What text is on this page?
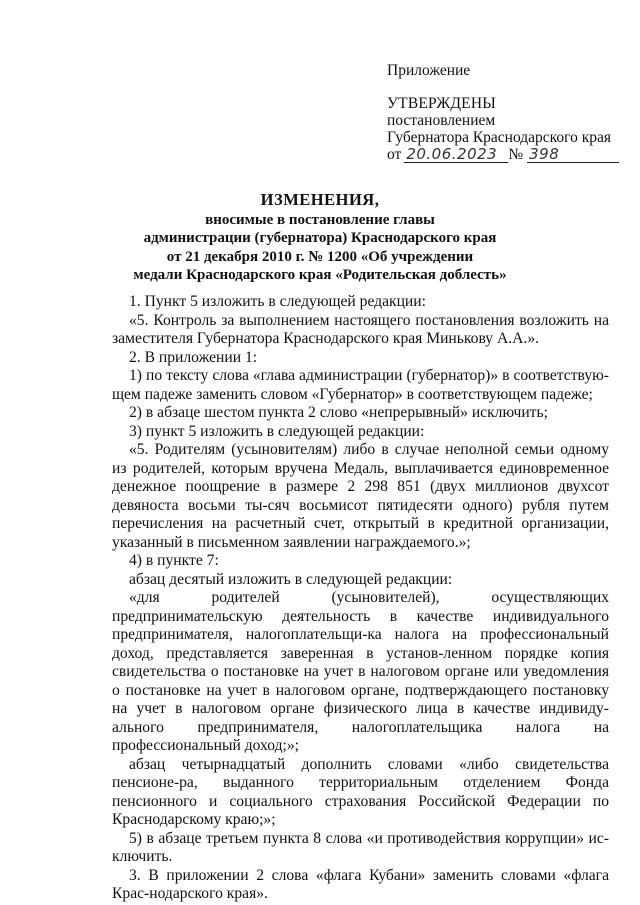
Приложение
УТВЕРЖДЕНЫ
постановлением
Губернатора Краснодарского края
от 20.06.2023 № 398
ИЗМЕНЕНИЯ,
вносимые в постановление главы
администрации (губернатора) Краснодарского края
от 21 декабря 2010 г. № 1200 «Об учреждении
медали Краснодарского края «Родительская доблесть»

1. Пункт 5 изложить в следующей редакции:

«5. Контроль за выполнением настоящего постановления возложить на заместителя Губернатора Краснодарского края Минькову А.А.».

2. В приложении 1:

1) по тексту слова «глава администрации (губернатор)» в соответствую-щем падеже заменить словом «Губернатор» в соответствующем падеже;

2) в абзаце шестом пункта 2 слово «непрерывный» исключить;

3) пункт 5 изложить в следующей редакции:

«5. Родителям (усыновителям) либо в случае неполной семьи одному из родителей, которым вручена Медаль, выплачивается единовременное денежное поощрение в размере 2 298 851 (двух миллионов двухсот девяноста восьми ты-сяч восьмисот пятидесяти одного) рубля путем перечисления на расчетный счет, открытый в кредитной организации, указанный в письменном заявлении награждаемого.»;

4) в пункте 7:

абзац десятый изложить в следующей редакции:

«для родителей (усыновителей), осуществляющих предпринимательскую деятельность в качестве индивидуального предпринимателя, налогоплательщи-ка налога на профессиональный доход, представляется заверенная в установ-ленном порядке копия свидетельства о постановке на учет в налоговом органе или уведомления о постановке на учет в налоговом органе, подтверждающего постановку на учет в налоговом органе физического лица в качестве индивиду-ального предпринимателя, налогоплательщика налога на профессиональный доход;»;

абзац четырнадцатый дополнить словами «либо свидетельства пенсионе-ра, выданного территориальным отделением Фонда пенсионного и социального страхования Российской Федерации по Краснодарскому краю;»;

5) в абзаце третьем пункта 8 слова «и противодействия коррупции» ис-ключить.

3. В приложении 2 слова «флага Кубани» заменить словами «флага Крас-нодарского края».
